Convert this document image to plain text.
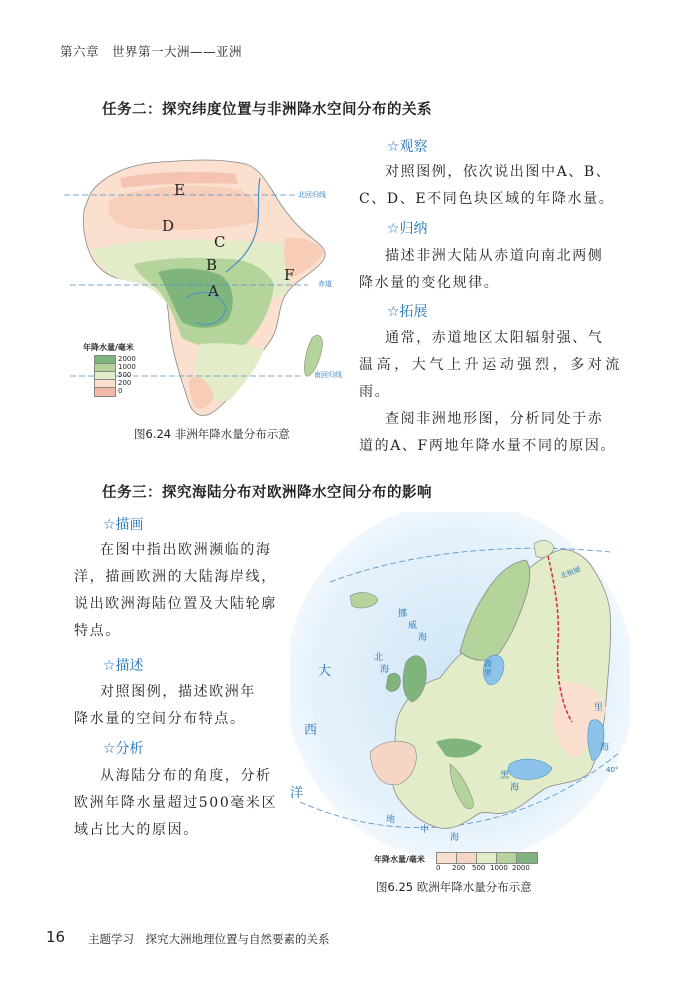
第六章　世界第一大洲——亚洲
任务二：探究纬度位置与非洲降水空间分布的关系
E
D
C
B
A
F
北回归线
赤道
南回归线
年降水量/毫米
2000
1000
500
200
0
图6.24 非洲年降水量分布示意
☆观察
对照图例，依次说出图中A、B、
C、D、E不同色块区域的年降水量。
☆归纳
描述非洲大陆从赤道向南北两侧
降水量的变化规律。
☆拓展
通常，赤道地区太阳辐射强、气
温高，大气上升运动强烈，多对流雨。
查阅非洲地形图，分析同处于赤
道的A、F两地年降水量不同的原因。
任务三：探究海陆分布对欧洲降水空间分布的影响
☆描画
在图中指出欧洲濒临的海
洋，描画欧洲的大陆海岸线，
说出欧洲海陆位置及大陆轮廓
特点。
☆描述
对照图例，描述欧洲年
降水量的空间分布特点。
☆分析
从海陆分布的角度，分析
欧洲年降水量超过500毫米区
域占比大的原因。
大
西
洋
挪
威
海
北
海
波
罗
黑
海
地
中
海
里
海
北极圈
40°
年降水量/毫米
0 200 500 1000 2000
图6.25 欧洲年降水量分布示意
16 主题学习　探究大洲地理位置与自然要素的关系
